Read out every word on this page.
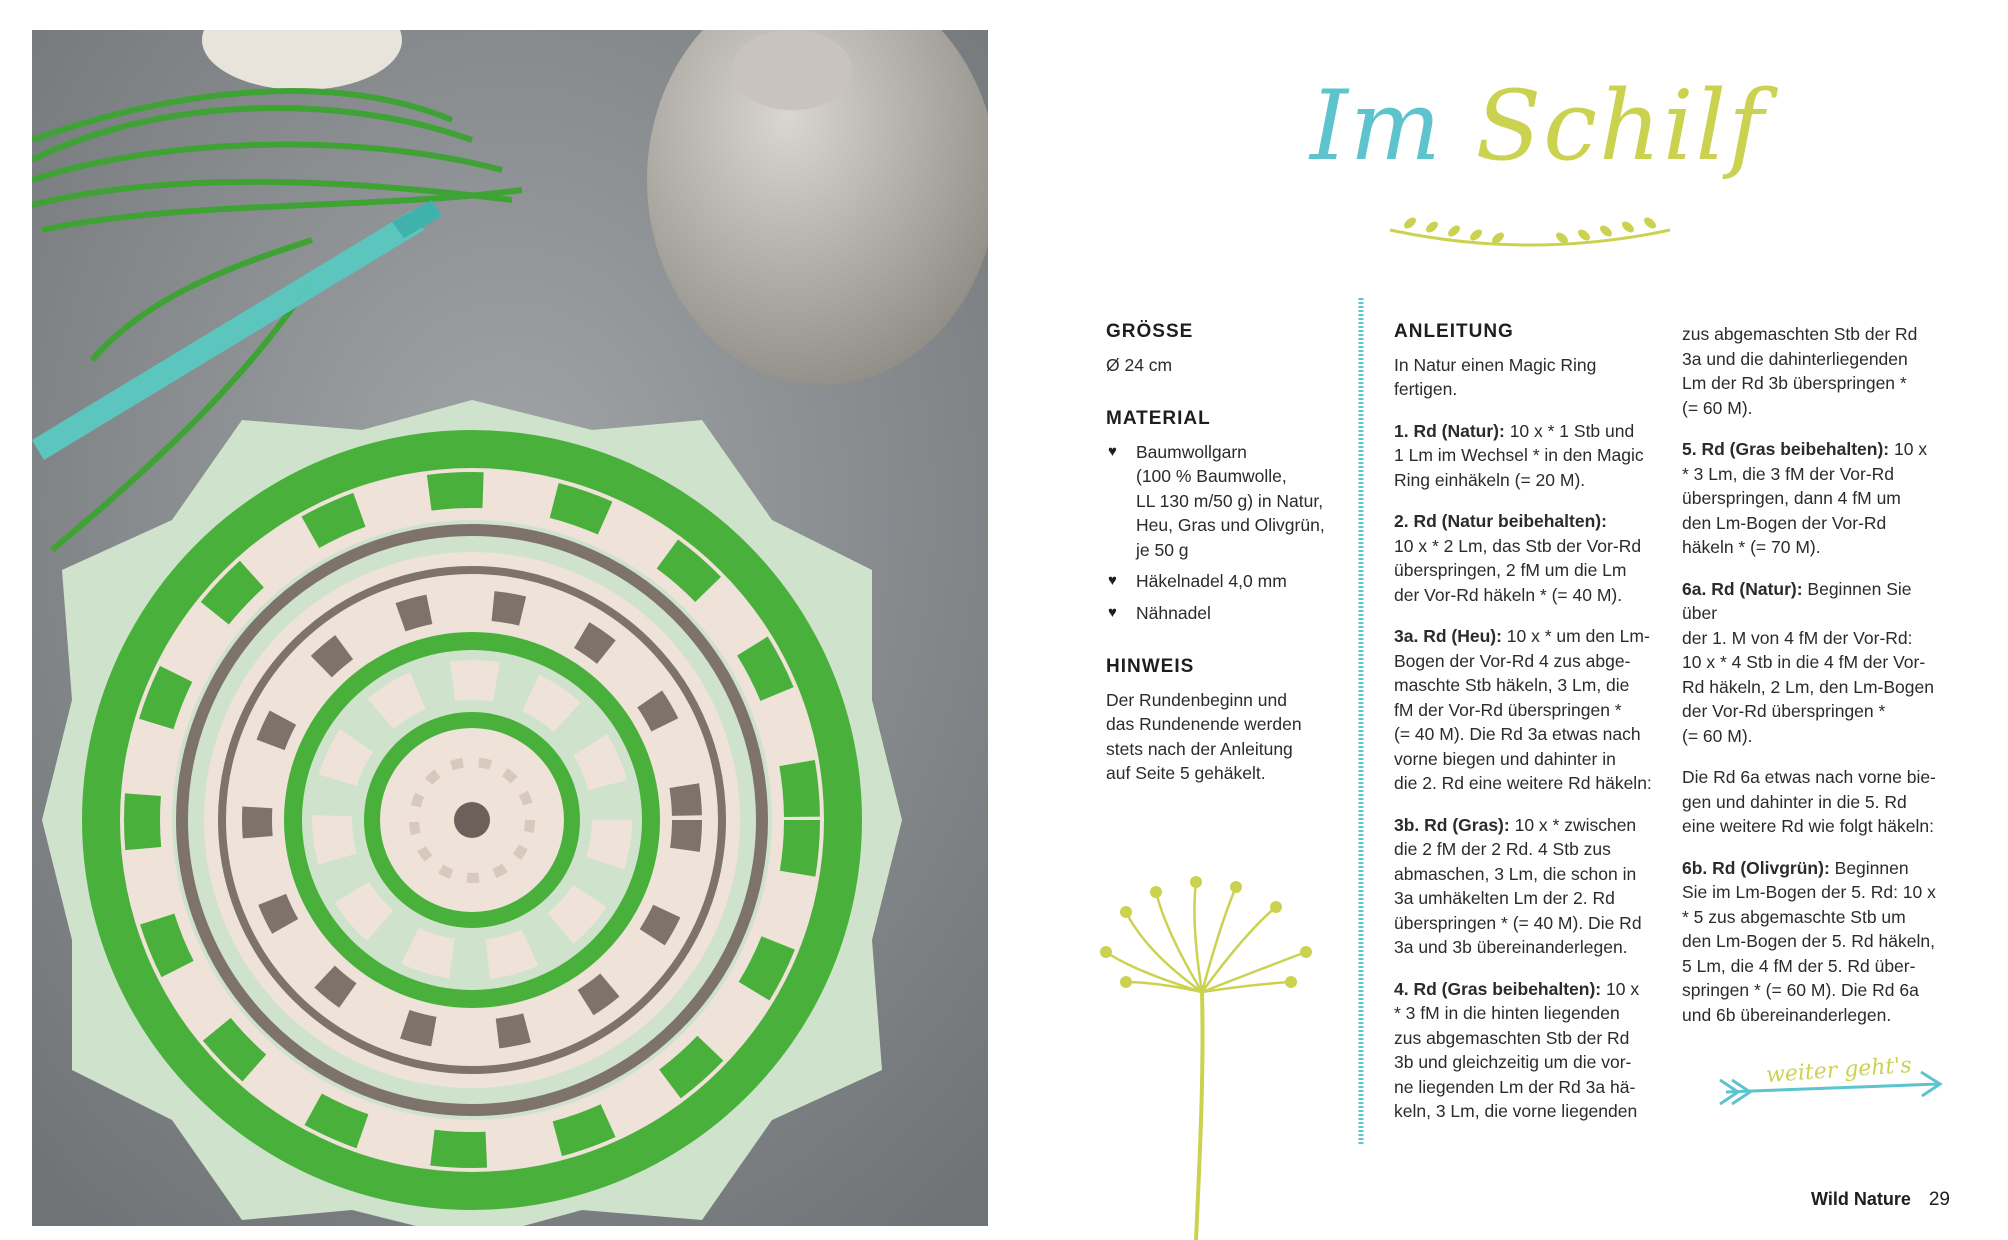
Im Schilf
GRÖSSE
Ø 24 cm
MATERIAL
♥ Baumwollgarn
(100 % Baumwolle,
LL 130 m/50 g) in Natur,
Heu, Gras und Olivgrün,
je 50 g
♥ Häkelnadel 4,0 mm
♥ Nähnadel
HINWEIS
Der Rundenbeginn und
das Rundenende werden
stets nach der Anleitung
auf Seite 5 gehäkelt.
ANLEITUNG

In Natur einen Magic Ring
fertigen.

1. Rd (Natur): 10 x * 1 Stb und
1 Lm im Wechsel * in den Magic
Ring einhäkeln (= 20 M).

2. Rd (Natur beibehalten):
10 x * 2 Lm, das Stb der Vor-Rd
überspringen, 2 fM um die Lm
der Vor-Rd häkeln * (= 40 M).

3a. Rd (Heu): 10 x * um den Lm-
Bogen der Vor-Rd 4 zus abge-
maschte Stb häkeln, 3 Lm, die
fM der Vor-Rd überspringen *
(= 40 M). Die Rd 3a etwas nach
vorne biegen und dahinter in
die 2. Rd eine weitere Rd häkeln:

3b. Rd (Gras): 10 x * zwischen
die 2 fM der 2 Rd. 4 Stb zus
abmaschen, 3 Lm, die schon in
3a umhäkelten Lm der 2. Rd
überspringen * (= 40 M). Die Rd
3a und 3b übereinanderlegen.

4. Rd (Gras beibehalten): 10 x
* 3 fM in die hinten liegenden
zus abgemaschten Stb der Rd
3b und gleichzeitig um die vor-
ne liegenden Lm der Rd 3a hä-
keln, 3 Lm, die vorne liegenden

zus abgemaschten Stb der Rd
3a und die dahinterliegenden
Lm der Rd 3b überspringen *
(= 60 M).

5. Rd (Gras beibehalten): 10 x
* 3 Lm, die 3 fM der Vor-Rd
überspringen, dann 4 fM um
den Lm-Bogen der Vor-Rd
häkeln * (= 70 M).

6a. Rd (Natur): Beginnen Sie über
der 1. M von 4 fM der Vor-Rd:
10 x * 4 Stb in die 4 fM der Vor-
Rd häkeln, 2 Lm, den Lm-Bogen
der Vor-Rd überspringen *
(= 60 M).

Die Rd 6a etwas nach vorne bie-
gen und dahinter in die 5. Rd
eine weitere Rd wie folgt häkeln:

6b. Rd (Olivgrün): Beginnen
Sie im Lm-Bogen der 5. Rd: 10 x
* 5 zus abgemaschte Stb um
den Lm-Bogen der 5. Rd häkeln,
5 Lm, die 4 fM der 5. Rd über-
springen * (= 60 M). Die Rd 6a
und 6b übereinanderlegen.

weiter geht's
Wild Nature 29
